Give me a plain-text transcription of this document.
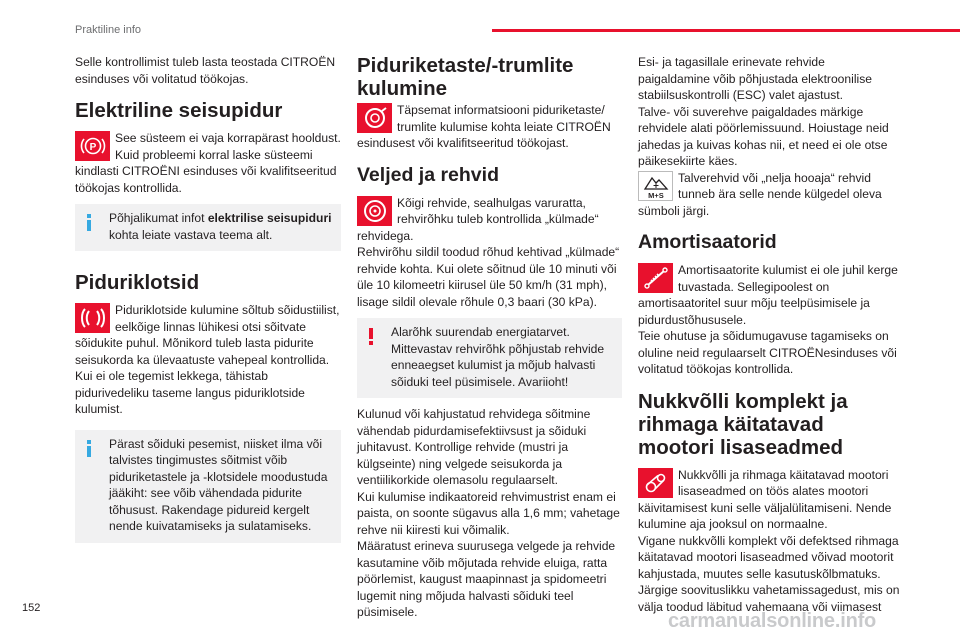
Praktiline info

Selle kontrollimist tuleb lasta teostada CITROËN esinduses või volitatud töökojas.

Elektriline seisupidur
P

See süsteem ei vaja korrapärast hooldust. Kuid probleemi korral laske süsteemi kindlasti CITROËNI esinduses või kvalifitseeritud töökojas kontrollida.

Põhjalikumat infot elektrilise seisupiduri kohta leiate vastava teema alt.

Piduriklotsid

Piduriklotside kulumine sõltub sõidustiilist, eelkõige linnas lühikesi otsi sõitvate sõidukite puhul. Mõnikord tuleb lasta pidurite seisukorda ka ülevaatuste vahepeal kontrollida. Kui ei ole tegemist lekkega, tähistab pidurivedeliku taseme langus piduriklotside kulumist.

Pärast sõiduki pesemist, niisket ilma või talvistes tingimustes sõitmist võib piduriketastele ja -klotsidele moodustuda jääkiht: see võib vähendada pidurite tõhusust. Rakendage pidureid kergelt nende kuivatamiseks ja sulatamiseks.

Piduriketaste/-trumlite kulumine

Täpsemat informatsiooni piduriketaste/ trumlite kulumise kohta leiate CITROËN esindusest või kvalifitseeritud töökojast.

Veljed ja rehvid

Kõigi rehvide, sealhulgas varuratta, rehvirõhku tuleb kontrollida „külmade“ rehvidega.

Rehvirõhu sildil toodud rõhud kehtivad „külmade“ rehvide kohta. Kui olete sõitnud üle 10 minuti või üle 10 kilomeetri kiirusel üle 50 km/h (31 mph), lisage sildil olevale rõhule 0,3 baari (30 kPa).

Alarõhk suurendab energiatarvet. Mittevastav rehvirõhk põhjustab rehvide enneaegset kulumist ja mõjub halvasti sõiduki teel püsimisele. Avariioht!

Kulunud või kahjustatud rehvidega sõitmine vähendab pidurdamisefektiivsust ja sõiduki juhitavust. Kontrollige rehvide (mustri ja külgseinte) ning velgede seisukorda ja ventiilikorkide olemasolu regulaarselt.

Kui kulumise indikaatoreid rehvimustrist enam ei paista, on soonte sügavus alla 1,6 mm; vahetage rehve nii kiiresti kui võimalik.

Määratust erineva suurusega velgede ja rehvide kasutamine võib mõjutada rehvide eluiga, ratta pöörlemist, kaugust maapinnast ja spidomeetri lugemit ning mõjuda halvasti sõiduki teel püsimisele.

Esi- ja tagasillale erinevate rehvide paigaldamine võib põhjustada elektroonilise stabiilsuskontrolli (ESC) valet ajastust.

Talve- või suverehve paigaldades märkige rehvidele alati pöörlemissuund. Hoiustage neid jahedas ja kuivas kohas nii, et need ei ole otse päikesekiirte käes.

M+S

Talverehvid või „nelja hooaja“ rehvid tunneb ära selle nende külgedel oleva sümboli järgi.

Amortisaatorid

Amortisaatorite kulumist ei ole juhil kerge tuvastada. Sellegipoolest on amortisaatoritel suur mõju teelpüsimisele ja pidurdustõhususele.

Teie ohutuse ja sõidumugavuse tagamiseks on oluline neid regulaarselt CITROËNesinduses või volitatud töökojas kontrollida.

Nukkvõlli komplekt ja rihmaga käitatavad mootori lisaseadmed

Nukkvõlli ja rihmaga käitatavad mootori lisaseadmed on töös alates mootori käivitamisest kuni selle väljalülitamiseni. Nende kulumine aja jooksul on normaalne.

Vigane nukkvõlli komplekt või defektsed rihmaga käitatavad mootori lisaseadmed võivad mootorit kahjustada, muutes selle kasutuskõlbmatuks.

Järgige soovituslikku vahetamissagedust, mis on välja toodud läbitud vahemaana või viimasest

152
carmanualsonline.info
